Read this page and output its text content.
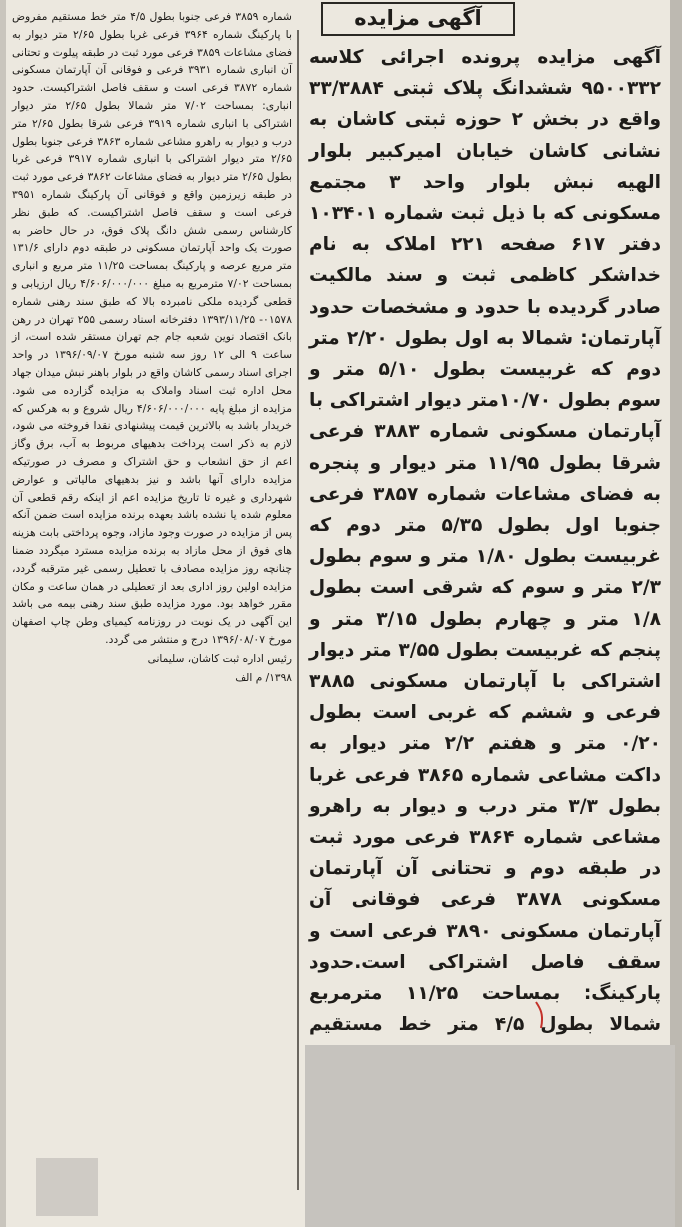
آگهی مزایده

آگهی مزایده پرونده اجرائی کلاسه ۹۵۰۰۳۳۲ ششدانگ پلاک ثبتی ۳۳/۳۸۸۴ واقع در بخش ۲ حوزه ثبتی کاشان به نشانی کاشان خیابان امیرکبیر بلوار الهیه نبش بلوار واحد ۳ مجتمع مسکونی که با ذیل ثبت شماره ۱۰۳۴۰۱ دفتر ۶۱۷ صفحه ۲۲۱ املاک به نام خداشکر کاظمی ثبت و سند مالکیت صادر گردیده با حدود و مشخصات حدود آپارتمان: شمالا به اول بطول ۲/۲۰ متر دوم که غربیست بطول ۵/۱۰ متر و سوم بطول ۱۰/۷۰متر دیوار اشتراکی با آپارتمان مسکونی شماره ۳۸۸۳ فرعی شرقا بطول ۱۱/۹۵ متر دیوار و پنجره به فضای مشاعات شماره ۳۸۵۷ فرعی جنوبا اول بطول ۵/۳۵ متر دوم که غربیست بطول ۱/۸۰ متر و سوم بطول ۲/۳ متر و سوم که شرقی است بطول ۱/۸ متر و چهارم بطول ۳/۱۵ متر و پنجم که غربیست بطول ۳/۵۵ متر دیوار اشتراکی با آپارتمان مسکونی ۳۸۸۵ فرعی و ششم که غربی است بطول ۰/۲۰ متر و هفتم ۲/۲ متر دیوار به داکت مشاعی شماره ۳۸۶۵ فرعی غربا بطول ۳/۳ متر درب و دیوار به راهرو مشاعی شماره ۳۸۶۴ فرعی مورد ثبت در طبقه دوم و تحتانی آن آپارتمان مسکونی ۳۸۷۸ فرعی فوقانی آن آپارتمان مسکونی ۳۸۹۰ فرعی است و سقف فاصل اشتراکی است.حدود پارکینگ: بمساحت ۱۱/۲۵ مترمربع شمالا بطول ۴/۵ متر خط مستقیم

شماره ۳۸۵۹ فرعی جنوبا بطول ۴/۵ متر خط مستقیم مفروض با پارکینگ شماره ۳۹۶۴ فرعی غربا بطول ۲/۶۵ متر دیوار به فضای مشاعات ۳۸۵۹ فرعی مورد ثبت در طبقه پیلوت و تحتانی آن انباری شماره ۳۹۳۱ فرعی و فوقانی آن آپارتمان مسکونی شماره ۳۸۷۲ فرعی است و سقف فاصل اشتراکیست. حدود انباری: بمساحت ۷/۰۲ متر شمالا بطول ۲/۶۵ متر دیوار اشتراکی با انباری شماره ۳۹۱۹ فرعی شرقا بطول ۲/۶۵ متر درب و دیوار به راهرو مشاعی شماره ۳۸۶۳ فرعی جنوبا بطول ۲/۶۵ متر دیوار اشتراکی با انباری شماره ۳۹۱۷ فرعی غربا بطول ۲/۶۵ متر دیوار به فضای مشاعات ۳۸۶۲ فرعی مورد ثبت در طبقه زیرزمین واقع و فوقانی آن پارکینگ شماره ۳۹۵۱ فرعی است و سقف فاصل اشتراکیست. که طبق نظر کارشناس رسمی شش دانگ پلاک فوق، در حال حاضر به صورت یک واحد آپارتمان مسکونی در طبقه دوم دارای ۱۳۱/۶ متر مربع عرصه و پارکینگ بمساحت ۱۱/۲۵ متر مربع و انباری بمساحت ۷/۰۲ مترمربع به مبلغ ۴/۶۰۶/۰۰۰/۰۰۰ ریال ارزیابی و قطعی گردیده ملکی نامبرده بالا که طبق سند رهنی شماره ۰۱۵۷۸- ۱۳۹۳/۱۱/۲۵ دفترخانه اسناد رسمی ۲۵۵ تهران در رهن بانک اقتصاد نوین شعبه جام جم تهران مستقر شده است، از ساعت ۹ الی ۱۲ روز سه شنبه مورخ ۱۳۹۶/۰۹/۰۷ در واحد اجرای اسناد رسمی کاشان واقع در بلوار باهنر نبش میدان جهاد محل اداره ثبت اسناد واملاک به مزایده گزارده می شود. مزایده از مبلغ پایه ۴/۶۰۶/۰۰۰/۰۰۰ ریال شروع و به هرکس که خریدار باشد به بالاترین قیمت پیشنهادی نقدا فروخته می شود، لازم به ذکر است پرداخت بدهیهای مربوط به آب، برق وگاز اعم از حق انشعاب و حق اشتراک و مصرف در صورتیکه مزایده دارای آنها باشد و نیز بدهیهای مالیاتی و عوارض شهرداری و غیره تا تاریخ مزایده اعم از اینکه رقم قطعی آن معلوم شده یا نشده باشد بعهده برنده مزایده است ضمن آنکه پس از مزایده در صورت وجود مازاد، وجوه پرداختی بابت هزینه های فوق از محل مازاد به برنده مزایده مسترد میگردد ضمنا چنانچه روز مزایده مصادف با تعطیل رسمی غیر مترقبه گردد، مزایده اولین روز اداری بعد از تعطیلی در همان ساعت و مکان مقرر خواهد بود. مورد مزایده طبق سند رهنی بیمه می باشد این آگهی در یک نوبت در روزنامه کیمیای وطن چاپ اصفهان مورخ ۱۳۹۶/۰۸/۰۷ درج و منتشر می گردد.

رئیس اداره ثبت کاشان، سلیمانی
۱۳۹۸/ م الف
